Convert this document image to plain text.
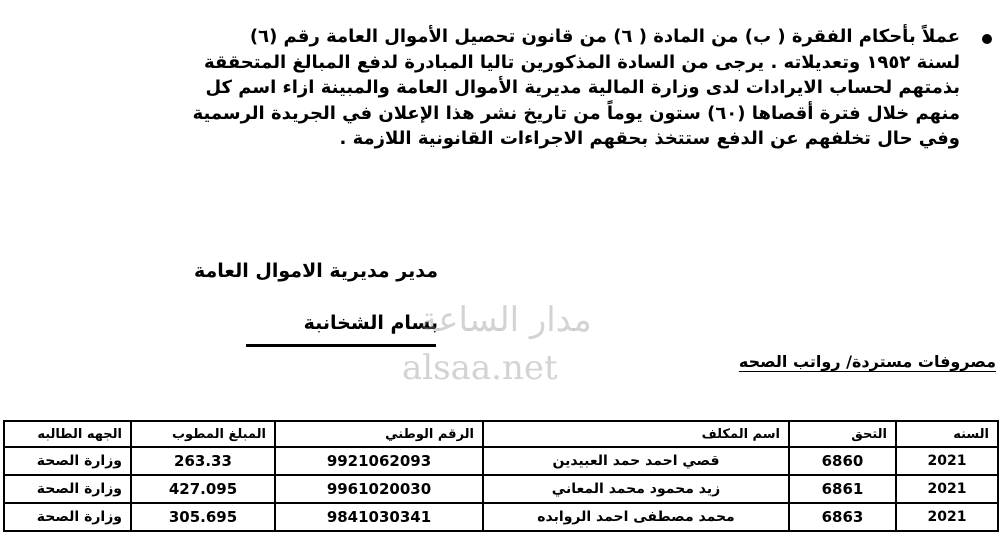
عملاً بأحكام الفقرة ( ب) من المادة ( ٦) من قانون تحصيل الأموال العامة رقم (٦)

لسنة ١٩٥٢ وتعديلاته . يرجى من السادة المذكورين تاليا المبادرة لدفع المبالغ المتحققة

بذمتهم لحساب الايرادات لدى وزارة المالية مديرية الأموال العامة والمبينة ازاء اسم كل

منهم خلال فترة أقصاها (٦٠) ستون يوماً من تاريخ نشر هذا الإعلان في الجريدة الرسمية

وفي حال تخلفهم عن الدفع ستتخذ بحقهم الاجراءات القانونية اللازمة .

مدير مديرية الاموال العامة
بسام الشخانبة
مدار الساعة
alsaa.net	مصروفات مستردة/ رواتب الصحه
السنه	التحق	اسم المكلف	الرقم الوطني	المبلغ المطوب	الجهه الطالبه
2021	6860	قصي احمد حمد العبيدين	9921062093	263.33	وزارة الصحة
2021	6861	زيد محمود محمد المعاني	9961020030	427.095	وزارة الصحة
2021	6863	محمد مصطفى احمد الروابده	9841030341	305.695	وزارة الصحة
